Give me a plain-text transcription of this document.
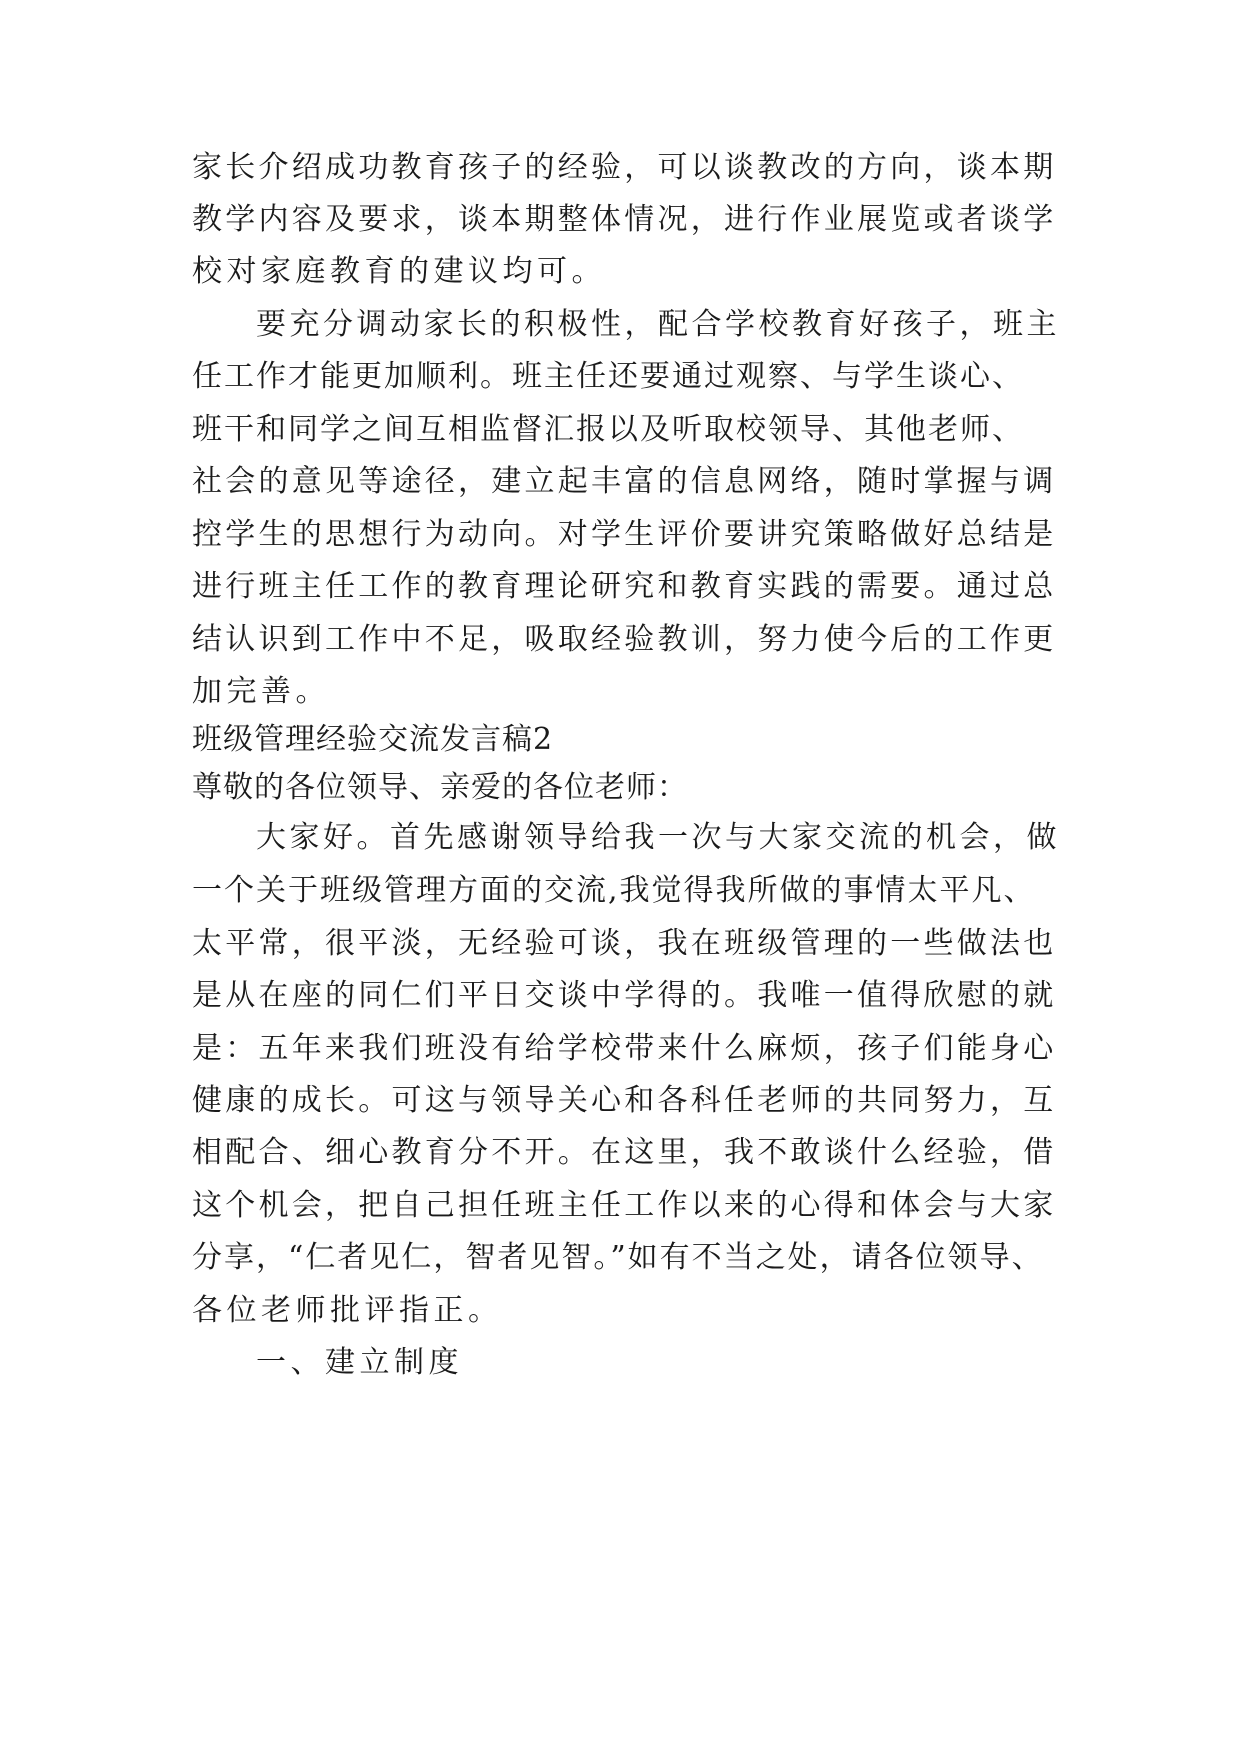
家长介绍成功教育孩子的经验，可以谈教改的方向，谈本期
教学内容及要求，谈本期整体情况，进行作业展览或者谈学
校对家庭教育的建议均可。
要充分调动家长的积极性，配合学校教育好孩子，班主
任工作才能更加顺利。班主任还要通过观察、与学生谈心、
班干和同学之间互相监督汇报以及听取校领导、其他老师、
社会的意见等途径，建立起丰富的信息网络，随时掌握与调
控学生的思想行为动向。对学生评价要讲究策略做好总结是
进行班主任工作的教育理论研究和教育实践的需要。通过总
结认识到工作中不足，吸取经验教训，努力使今后的工作更
加完善。
班级管理经验交流发言稿2
尊敬的各位领导、亲爱的各位老师：
大家好。首先感谢领导给我一次与大家交流的机会，做
一个关于班级管理方面的交流,我觉得我所做的事情太平凡、
太平常，很平淡，无经验可谈，我在班级管理的一些做法也
是从在座的同仁们平日交谈中学得的。我唯一值得欣慰的就
是：五年来我们班没有给学校带来什么麻烦，孩子们能身心
健康的成长。可这与领导关心和各科任老师的共同努力，互
相配合、细心教育分不开。在这里，我不敢谈什么经验，借
这个机会，把自己担任班主任工作以来的心得和体会与大家
分享，“仁者见仁，智者见智。”如有不当之处，请各位领导、
各位老师批评指正。
一、建立制度
